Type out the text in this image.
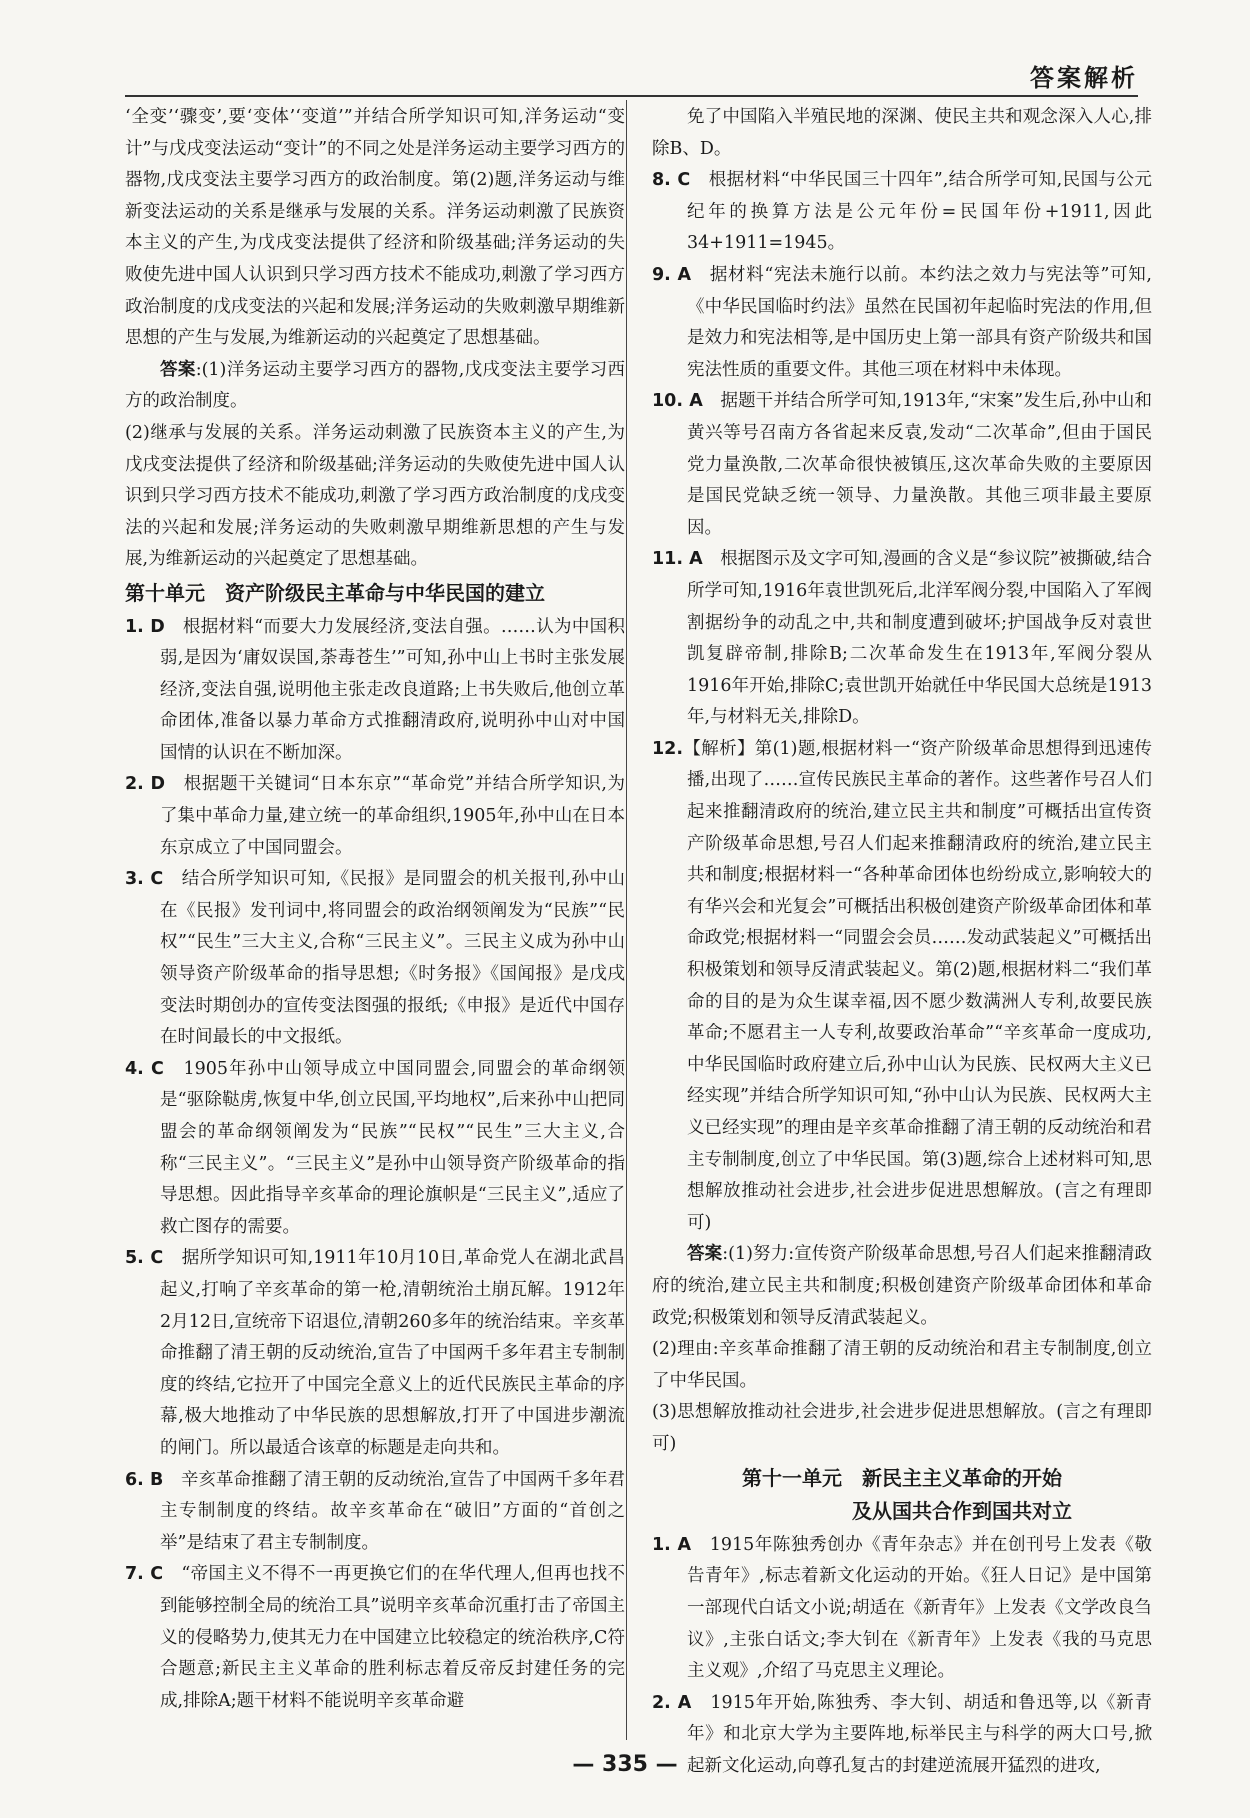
答案解析

‘全变’‘骤变’,要‘变体’‘变道’”并结合所学知识可知,洋务运动“变计”与戊戌变法运动“变计”的不同之处是洋务运动主要学习西方的器物,戊戌变法主要学习西方的政治制度。第(2)题,洋务运动与维新变法运动的关系是继承与发展的关系。洋务运动刺激了民族资本主义的产生,为戊戌变法提供了经济和阶级基础;洋务运动的失败使先进中国人认识到只学习西方技术不能成功,刺激了学习西方政治制度的戊戌变法的兴起和发展;洋务运动的失败刺激早期维新思想的产生与发展,为维新运动的兴起奠定了思想基础。

答案:(1)洋务运动主要学习西方的器物,戊戌变法主要学习西方的政治制度。

(2)继承与发展的关系。洋务运动刺激了民族资本主义的产生,为戊戌变法提供了经济和阶级基础;洋务运动的失败使先进中国人认识到只学习西方技术不能成功,刺激了学习西方政治制度的戊戌变法的兴起和发展;洋务运动的失败刺激早期维新思想的产生与发展,为维新运动的兴起奠定了思想基础。

第十单元　资产阶级民主革命与中华民国的建立

1. D　 根据材料“而要大力发展经济,变法自强。……认为中国积弱,是因为‘庸奴误国,荼毒苍生’”可知,孙中山上书时主张发展经济,变法自强,说明他主张走改良道路;上书失败后,他创立革命团体,准备以暴力革命方式推翻清政府,说明孙中山对中国国情的认识在不断加深。

2. D　 根据题干关键词“日本东京”“革命党”并结合所学知识,为了集中革命力量,建立统一的革命组织,1905年,孙中山在日本东京成立了中国同盟会。

3. C　 结合所学知识可知,《民报》是同盟会的机关报刊,孙中山在《民报》发刊词中,将同盟会的政治纲领阐发为“民族”“民权”“民生”三大主义,合称“三民主义”。三民主义成为孙中山领导资产阶级革命的指导思想;《时务报》《国闻报》是戊戌变法时期创办的宣传变法图强的报纸;《申报》是近代中国存在时间最长的中文报纸。

4. C　 1905年孙中山领导成立中国同盟会,同盟会的革命纲领是“驱除鞑虏,恢复中华,创立民国,平均地权”,后来孙中山把同盟会的革命纲领阐发为“民族”“民权”“民生”三大主义,合称“三民主义”。“三民主义”是孙中山领导资产阶级革命的指导思想。因此指导辛亥革命的理论旗帜是“三民主义”,适应了救亡图存的需要。

5. C　 据所学知识可知,1911年10月10日,革命党人在湖北武昌起义,打响了辛亥革命的第一枪,清朝统治土崩瓦解。1912年2月12日,宣统帝下诏退位,清朝260多年的统治结束。辛亥革命推翻了清王朝的反动统治,宣告了中国两千多年君主专制制度的终结,它拉开了中国完全意义上的近代民族民主革命的序幕,极大地推动了中华民族的思想解放,打开了中国进步潮流的闸门。所以最适合该章的标题是走向共和。

6. B　 辛亥革命推翻了清王朝的反动统治,宣告了中国两千多年君主专制制度的终结。故辛亥革命在“破旧”方面的“首创之举”是结束了君主专制制度。

7. C　 “帝国主义不得不一再更换它们的在华代理人,但再也找不到能够控制全局的统治工具”说明辛亥革命沉重打击了帝国主义的侵略势力,使其无力在中国建立比较稳定的统治秩序,C符合题意;新民主主义革命的胜利标志着反帝反封建任务的完成,排除A;题干材料不能说明辛亥革命避

免了中国陷入半殖民地的深渊、使民主共和观念深入人心,排除B、D。

8. C　 根据材料“中华民国三十四年”,结合所学可知,民国与公元纪年的换算方法是公元年份=民国年份+1911,因此34+1911=1945。

9. A　 据材料“宪法未施行以前。本约法之效力与宪法等”可知,《中华民国临时约法》虽然在民国初年起临时宪法的作用,但是效力和宪法相等,是中国历史上第一部具有资产阶级共和国宪法性质的重要文件。其他三项在材料中未体现。

10. A　 据题干并结合所学可知,1913年,“宋案”发生后,孙中山和黄兴等号召南方各省起来反袁,发动“二次革命”,但由于国民党力量涣散,二次革命很快被镇压,这次革命失败的主要原因是国民党缺乏统一领导、力量涣散。其他三项非最主要原因。

11. A　 根据图示及文字可知,漫画的含义是“参议院”被撕破,结合所学可知,1916年袁世凯死后,北洋军阀分裂,中国陷入了军阀割据纷争的动乱之中,共和制度遭到破坏;护国战争反对袁世凯复辟帝制,排除B;二次革命发生在1913年,军阀分裂从1916年开始,排除C;袁世凯开始就任中华民国大总统是1913年,与材料无关,排除D。

12.【解析】第(1)题,根据材料一“资产阶级革命思想得到迅速传播,出现了……宣传民族民主革命的著作。这些著作号召人们起来推翻清政府的统治,建立民主共和制度”可概括出宣传资产阶级革命思想,号召人们起来推翻清政府的统治,建立民主共和制度;根据材料一“各种革命团体也纷纷成立,影响较大的有华兴会和光复会”可概括出积极创建资产阶级革命团体和革命政党;根据材料一“同盟会会员……发动武装起义”可概括出积极策划和领导反清武装起义。第(2)题,根据材料二“我们革命的目的是为众生谋幸福,因不愿少数满洲人专利,故要民族革命;不愿君主一人专利,故要政治革命”“辛亥革命一度成功,中华民国临时政府建立后,孙中山认为民族、民权两大主义已经实现”并结合所学知识可知,“孙中山认为民族、民权两大主义已经实现”的理由是辛亥革命推翻了清王朝的反动统治和君主专制制度,创立了中华民国。第(3)题,综合上述材料可知,思想解放推动社会进步,社会进步促进思想解放。(言之有理即可)

答案:(1)努力:宣传资产阶级革命思想,号召人们起来推翻清政府的统治,建立民主共和制度;积极创建资产阶级革命团体和革命政党;积极策划和领导反清武装起义。

(2)理由:辛亥革命推翻了清王朝的反动统治和君主专制制度,创立了中华民国。

(3)思想解放推动社会进步,社会进步促进思想解放。(言之有理即可)

第十一单元　新民主主义革命的开始
及从国共合作到国共对立

1. A　 1915年陈独秀创办《青年杂志》并在创刊号上发表《敬告青年》,标志着新文化运动的开始。《狂人日记》是中国第一部现代白话文小说;胡适在《新青年》上发表《文学改良刍议》,主张白话文;李大钊在《新青年》上发表《我的马克思主义观》,介绍了马克思主义理论。

2. A　 1915年开始,陈独秀、李大钊、胡适和鲁迅等,以《新青年》和北京大学为主要阵地,标举民主与科学的两大口号,掀起新文化运动,向尊孔复古的封建逆流展开猛烈的进攻,

— 335 —
